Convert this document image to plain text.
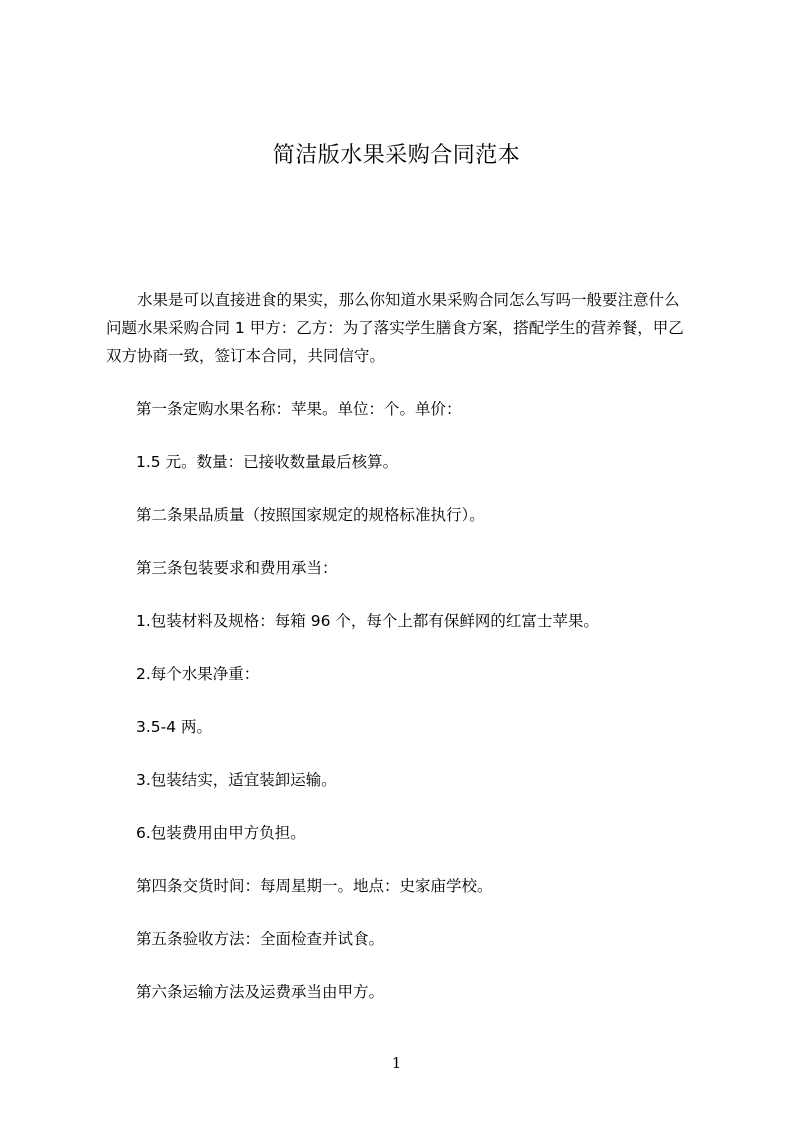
简洁版水果采购合同范本
水果是可以直接进食的果实，那么你知道水果采购合同怎么写吗一般要注意什么
问题水果采购合同 1 甲方：乙方：为了落实学生膳食方案，搭配学生的营养餐，甲乙
双方协商一致，签订本合同，共同信守。
第一条定购水果名称：苹果。单位：个。单价：
1.5 元。数量：已接收数量最后核算。
第二条果品质量（按照国家规定的规格标准执行）。
第三条包装要求和费用承当：
1.包装材料及规格：每箱 96 个，每个上都有保鲜网的红富士苹果。
2.每个水果净重：
3.5-4 两。
3.包装结实，适宜装卸运输。
6.包装费用由甲方负担。
第四条交货时间：每周星期一。地点：史家庙学校。
第五条验收方法：全面检查并试食。
第六条运输方法及运费承当由甲方。
1
